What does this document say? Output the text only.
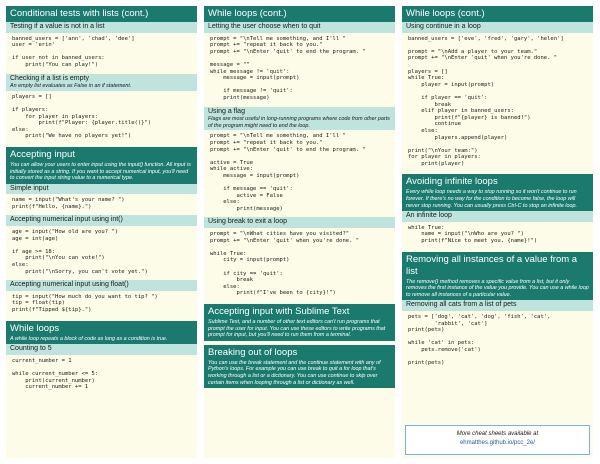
Conditional tests with lists (cont.)
Testing if a value is not in a list
banned_users = ['ann', 'chad', 'dee']
user = 'erin'

if user not in banned_users:
print("You can play!")
Checking if a list is empty
An empty list evaluates as False in an if statement.
players = []

if players:
for player in players:
print(f"Player: {player.title()}")
else:
print("We have no players yet!")
Accepting input
You can allow your users to enter input using the input() function. All input is initially stored as a string. If you want to accept numerical input, you'll need to convert the input string value to a numerical type.
Simple input
name = input("What's your name? ")
print(f"Hello, {name}.")
Accepting numerical input using int()
age = input("How old are you? ")
age = int(age)

if age >= 18:
print("\nYou can vote!")
else:
print("\nSorry, you can't vote yet.")
Accepting numerical input using float()
tip = input("How much do you want to tip? ")
tip = float(tip)
print(f"Tipped ${tip}.")
While loops
A while loop repeats a block of code as long as a condition is true.
Counting to 5
current_number = 1

while current_number <= 5:
print(current_number)
current_number += 1
While loops (cont.)
Letting the user choose when to quit
prompt = "\nTell me something, and I'll "
prompt += "repeat it back to you."
prompt += "\nEnter 'quit' to end the program. "

message = ""
while message != 'quit':
message = input(prompt)

if message != 'quit':
print(message)
Using a flag
Flags are most useful in long-running programs where code from other parts of the program might need to end the loop.
prompt = "\nTell me something, and I'll "
prompt += "repeat it back to you."
prompt += "\nEnter 'quit' to end the program. "

active = True
while active:
message = input(prompt)

if message == 'quit':
active = False
else:
print(message)
Using break to exit a loop
prompt = "\nWhat cities have you visited?"
prompt += "\nEnter 'quit' when you're done. "

while True:
city = input(prompt)

if city == 'quit':
break
else:
print(f"I've been to {city}!")
Accepting input with Sublime Text
Sublime Text, and a number of other text editors can't run programs that prompt the user for input. You can use these editors to write programs that prompt for input, but you'll need to run them from a terminal.
Breaking out of loops
You can use the break statement and the continue statement with any of Python's loops. For example you can use break to quit a for loop that's working through a list or a dictionary. You can use continue to skip over certain items when looping through a list or dictionary as well.
While loops (cont.)
Using continue in a loop
banned_users = ['eve', 'fred', 'gary', 'helen']

prompt = "\nAdd a player to your team."
prompt += "\nEnter 'quit' when you're done. "

players = []
while True:
player = input(prompt)

if player == 'quit':
break
elif player in banned_users:
print(f"{player} is banned!")
continue
else:
players.append(player)

print("\nYour team:")
for player in players:
print(player)
Avoiding infinite loops
Every while loop needs a way to stop running so it won't continue to run forever. If there's no way for the condition to become false, the loop will never stop running. You can usually press Ctrl-C to stop an infinite loop.
An infinite loop
while True:
name = input("\nWho are you? ")
print(f"Nice to meet you, {name}!")
Removing all instances of a value from a list
The remove() method removes a specific value from a list, but it only removes the first instance of the value you provide. You can use a while loop to remove all instances of a particular value.
Removing all cats from a list of pets
pets = ['dog', 'cat', 'dog', 'fish', 'cat',
'rabbit', 'cat']
print(pets)

while 'cat' in pets:
pets.remove('cat')

print(pets)
More cheat sheets available at
ehmatthes.github.io/pcc_2e/
